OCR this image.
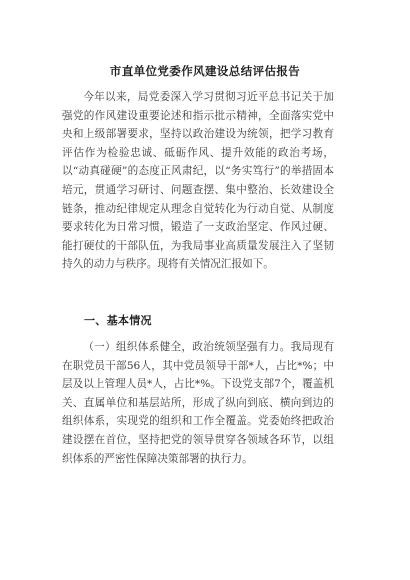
市直单位党委作风建设总结评估报告

今年以来，局党委深入学习贯彻习近平总书记关于加强党的作风建设重要论述和指示批示精神，全面落实党中央和上级部署要求，坚持以政治建设为统领，把学习教育评估作为检验忠诚、砥砺作风、提升效能的政治考场，以“动真碰硬”的态度正风肃纪，以“务实笃行”的举措固本培元，贯通学习研讨、问题查摆、集中整治、长效建设全链条，推动纪律规定从理念自觉转化为行动自觉、从制度要求转化为日常习惯，锻造了一支政治坚定、作风过硬、能打硬仗的干部队伍，为我局事业高质量发展注入了坚韧持久的动力与秩序。现将有关情况汇报如下。

一、基本情况

（一）组织体系健全，政治统领坚强有力。我局现有在职党员干部56人，其中党员领导干部*人，占比*%；中层及以上管理人员*人，占比*%。下设党支部7个，覆盖机关、直属单位和基层站所，形成了纵向到底、横向到边的组织体系，实现党的组织和工作全覆盖。党委始终把政治建设摆在首位，坚持把党的领导贯穿各领域各环节，以组织体系的严密性保障决策部署的执行力。
